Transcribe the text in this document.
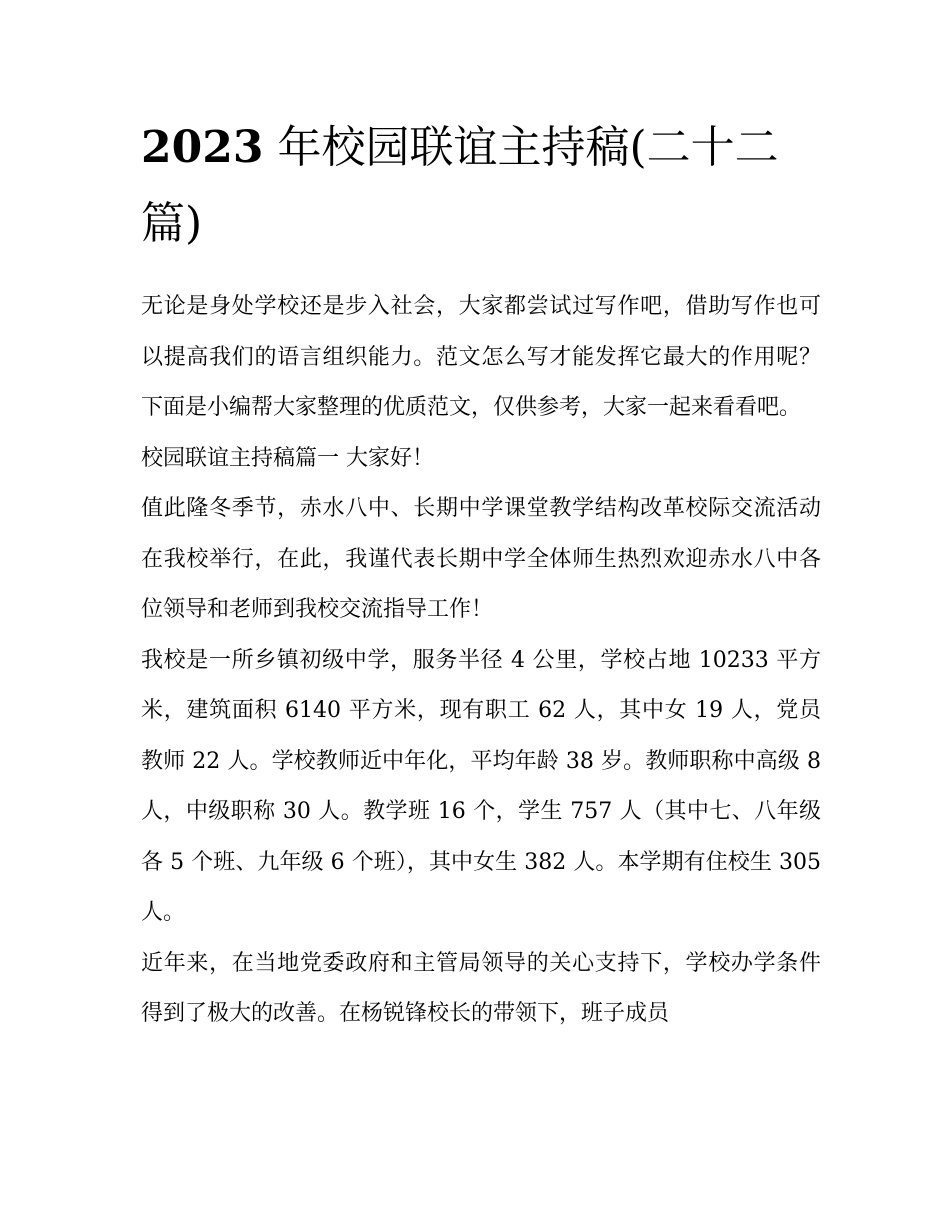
2023 年校园联谊主持稿(二十二篇)

无论是身处学校还是步入社会，大家都尝试过写作吧，借助写作也可以提高我们的语言组织能力。范文怎么写才能发挥它最大的作用呢？下面是小编帮大家整理的优质范文，仅供参考，大家一起来看看吧。

校园联谊主持稿篇一 大家好！

值此隆冬季节，赤水八中、长期中学课堂教学结构改革校际交流活动在我校举行，在此，我谨代表长期中学全体师生热烈欢迎赤水八中各位领导和老师到我校交流指导工作！

我校是一所乡镇初级中学，服务半径 4 公里，学校占地 10233 平方米，建筑面积 6140 平方米，现有职工 62 人，其中女 19 人，党员教师 22 人。学校教师近中年化，平均年龄 38 岁。教师职称中高级 8 人，中级职称 30 人。教学班 16 个，学生 757 人（其中七、八年级各 5 个班、九年级 6 个班），其中女生 382 人。本学期有住校生 305 人。

近年来，在当地党委政府和主管局领导的关心支持下，学校办学条件得到了极大的改善。在杨锐锋校长的带领下，班子成员
